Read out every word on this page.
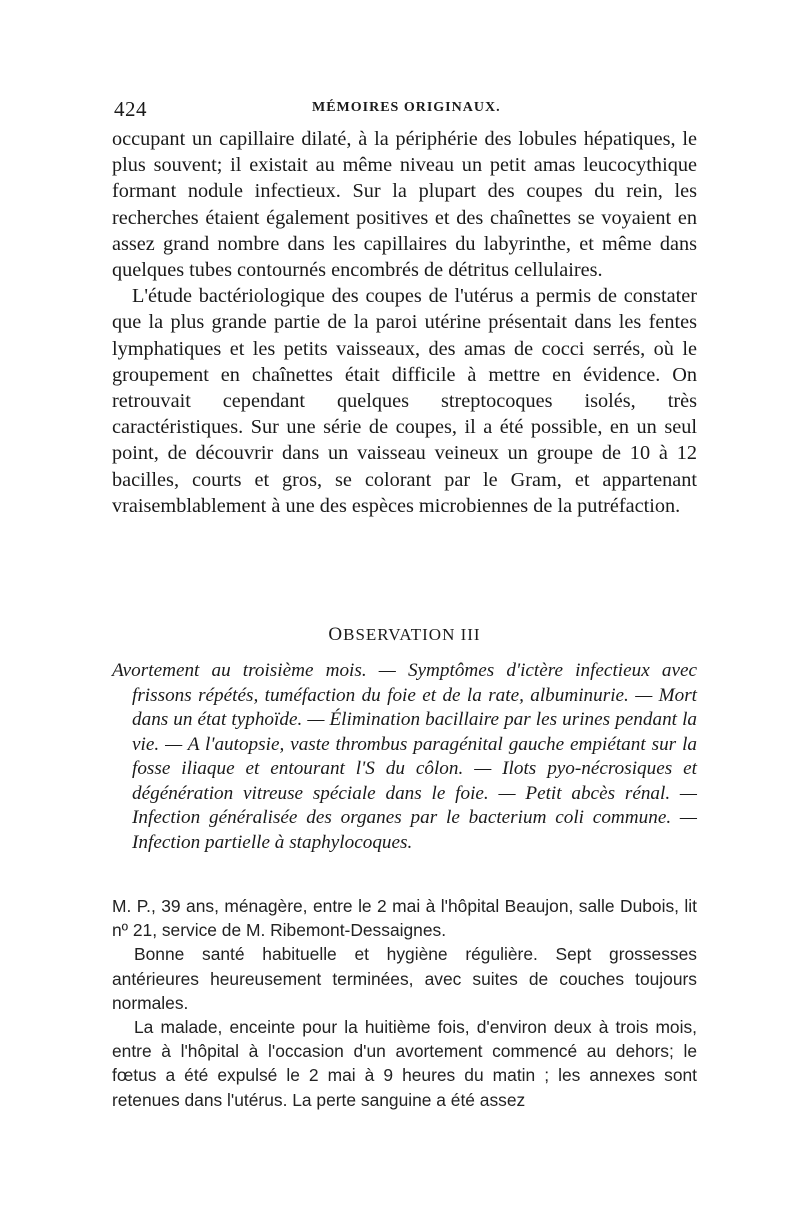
424	MÉMOIRES ORIGINAUX.

occupant un capillaire dilaté, à la périphérie des lobules hépatiques, le plus souvent; il existait au même niveau un petit amas leucocythique formant nodule infectieux. Sur la plupart des coupes du rein, les recherches étaient également positives et des chaînettes se voyaient en assez grand nombre dans les capillaires du labyrinthe, et même dans quelques tubes contournés encombrés de détritus cellulaires.

L'étude bactériologique des coupes de l'utérus a permis de constater que la plus grande partie de la paroi utérine présentait dans les fentes lymphatiques et les petits vaisseaux, des amas de cocci serrés, où le groupement en chaînettes était difficile à mettre en évidence. On retrouvait cependant quelques streptocoques isolés, très caractéristiques. Sur une série de coupes, il a été possible, en un seul point, de découvrir dans un vaisseau veineux un groupe de 10 à 12 bacilles, courts et gros, se colorant par le Gram, et appartenant vraisemblablement à une des espèces microbiennes de la putréfaction.

OBSERVATION III

Avortement au troisième mois. — Symptômes d'ictère infectieux avec frissons répétés, tuméfaction du foie et de la rate, albuminurie. — Mort dans un état typhoïde. — Élimination bacillaire par les urines pendant la vie. — A l'autopsie, vaste thrombus paragénital gauche empiétant sur la fosse iliaque et entourant l'S du côlon. — Ilots pyo-nécrosiques et dégénération vitreuse spéciale dans le foie. — Petit abcès rénal. — Infection généralisée des organes par le bacterium coli commune. — Infection partielle à staphylocoques.

M. P., 39 ans, ménagère, entre le 2 mai à l'hôpital Beaujon, salle Dubois, lit nº 21, service de M. Ribemont-Dessaignes.

Bonne santé habituelle et hygiène régulière. Sept grossesses antérieures heureusement terminées, avec suites de couches toujours normales.

La malade, enceinte pour la huitième fois, d'environ deux à trois mois, entre à l'hôpital à l'occasion d'un avortement commencé au dehors; le fœtus a été expulsé le 2 mai à 9 heures du matin ; les annexes sont retenues dans l'utérus. La perte sanguine a été assez
